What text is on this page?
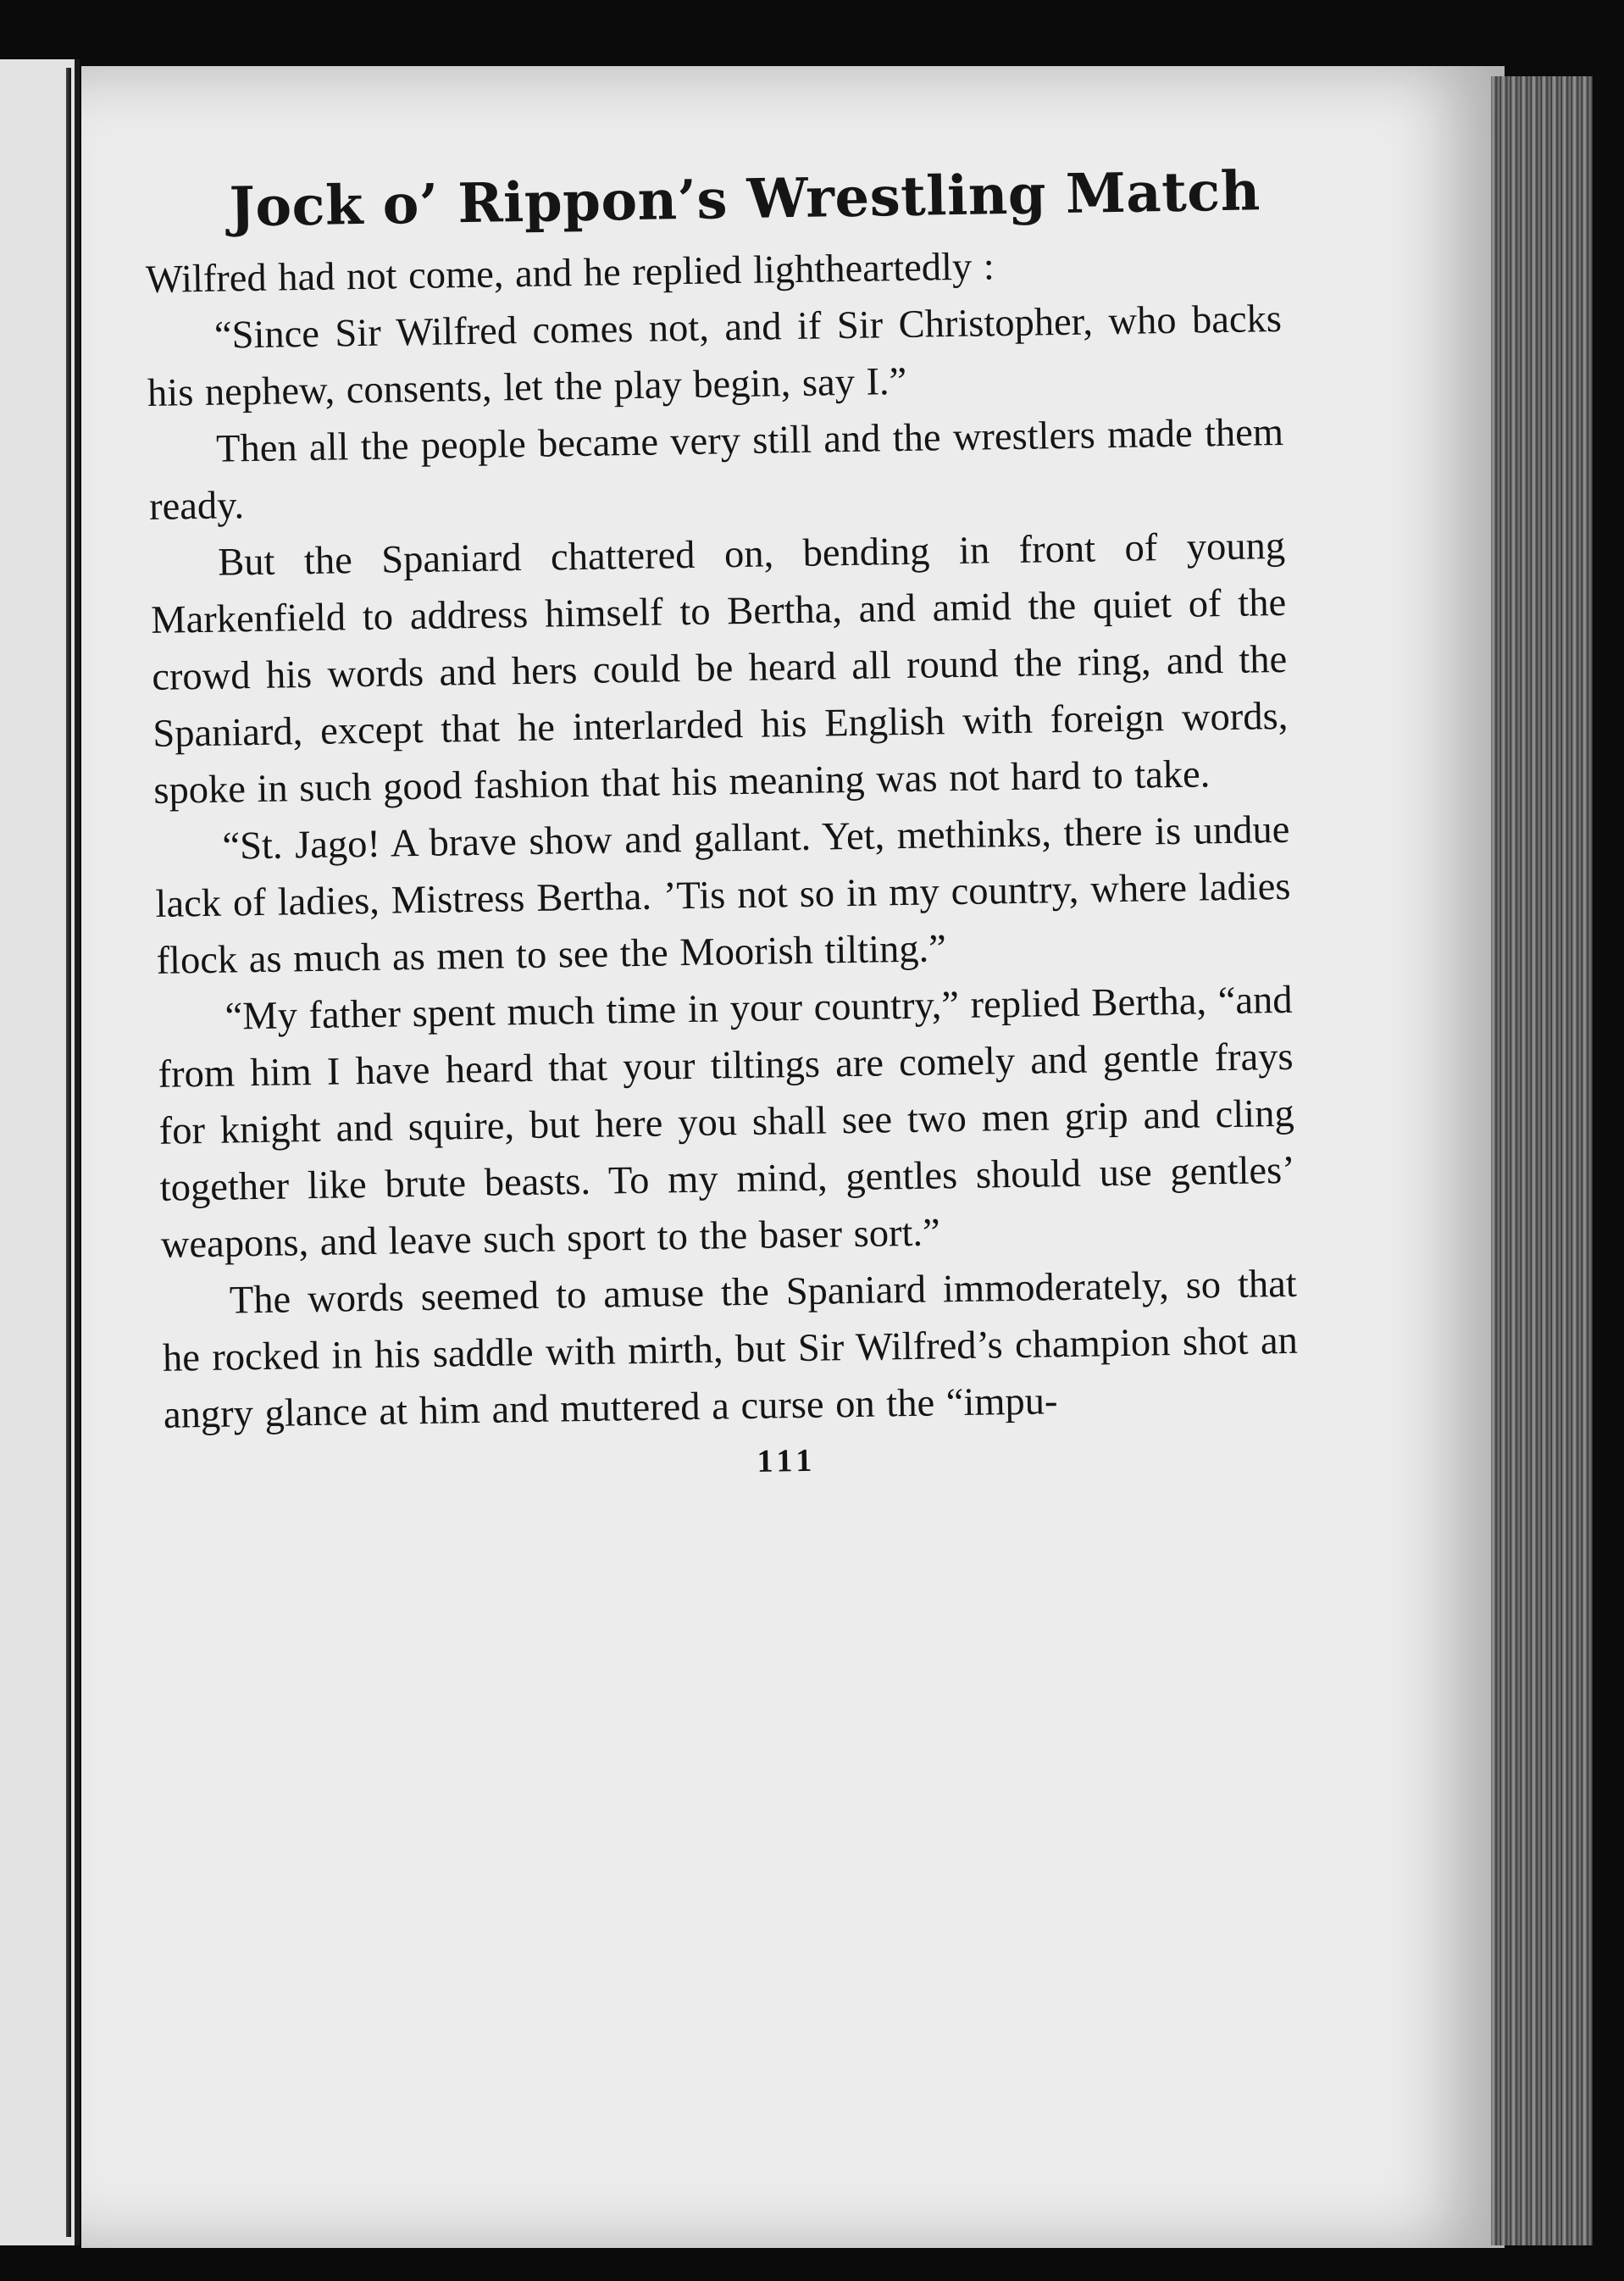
Jock o’ Rippon’s Wrestling Match

Wilfred had not come, and he replied lightheartedly :

“Since Sir Wilfred comes not, and if Sir Christopher, who backs his nephew, consents, let the play begin, say I.”

Then all the people became very still and the wrestlers made them ready.

But the Spaniard chattered on, bending in front of young Markenfield to address himself to Bertha, and amid the quiet of the crowd his words and hers could be heard all round the ring, and the Spaniard, except that he interlarded his English with foreign words, spoke in such good fashion that his meaning was not hard to take.

“St. Jago! A brave show and gallant. Yet, methinks, there is undue lack of ladies, Mistress Bertha. ’Tis not so in my country, where ladies flock as much as men to see the Moorish tilting.”

“My father spent much time in your country,” replied Bertha, “and from him I have heard that your tiltings are comely and gentle frays for knight and squire, but here you shall see two men grip and cling together like brute beasts. To my mind, gentles should use gentles’ weapons, and leave such sport to the baser sort.”

The words seemed to amuse the Spaniard immoderately, so that he rocked in his saddle with mirth, but Sir Wilfred’s champion shot an angry glance at him and muttered a curse on the “impu-

111
